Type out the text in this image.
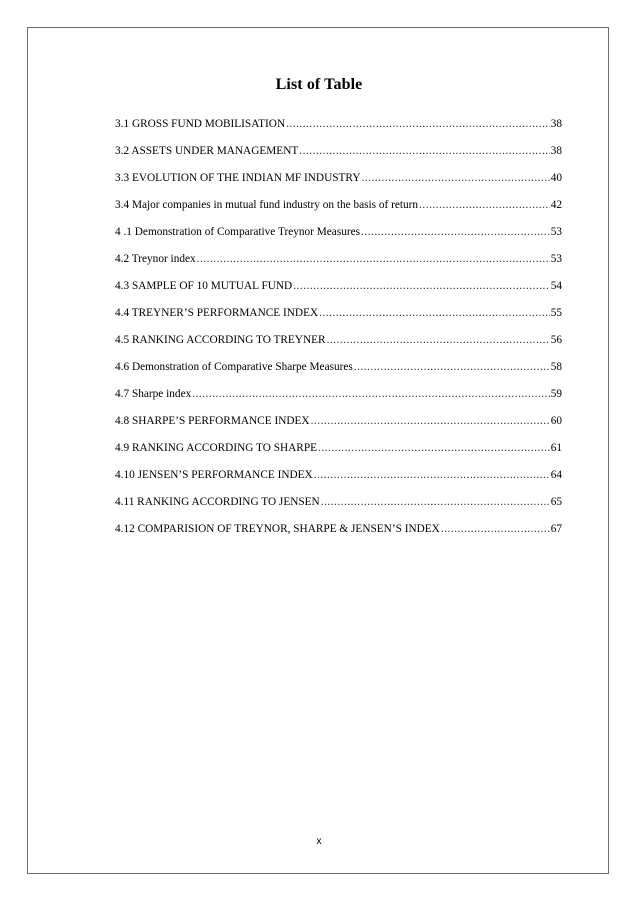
List of Table
3.1 GROSS FUND MOBILISATION .....	38
3.2 ASSETS UNDER MANAGEMENT .....	38
3.3 EVOLUTION OF THE INDIAN MF INDUSTRY .....	40
3.4 Major companies in mutual fund industry on the basis of return .....	42
4 .1 Demonstration of Comparative Treynor Measures .....	53
4.2 Treynor index .....	53
4.3 SAMPLE OF 10 MUTUAL FUND .....	54
4.4 TREYNER’S PERFORMANCE INDEX .....	55
4.5 RANKING ACCORDING TO TREYNER .....	56
4.6 Demonstration of Comparative Sharpe Measures .....	58
4.7 Sharpe index .....	59
4.8 SHARPE’S PERFORMANCE INDEX .....	60
4.9 RANKING ACCORDING TO SHARPE .....	61
4.10 JENSEN’S PERFORMANCE INDEX .....	64
4.11 RANKING ACCORDING TO JENSEN .....	65
4.12 COMPARISION OF TREYNOR, SHARPE & JENSEN’S INDEX .....	67
x
